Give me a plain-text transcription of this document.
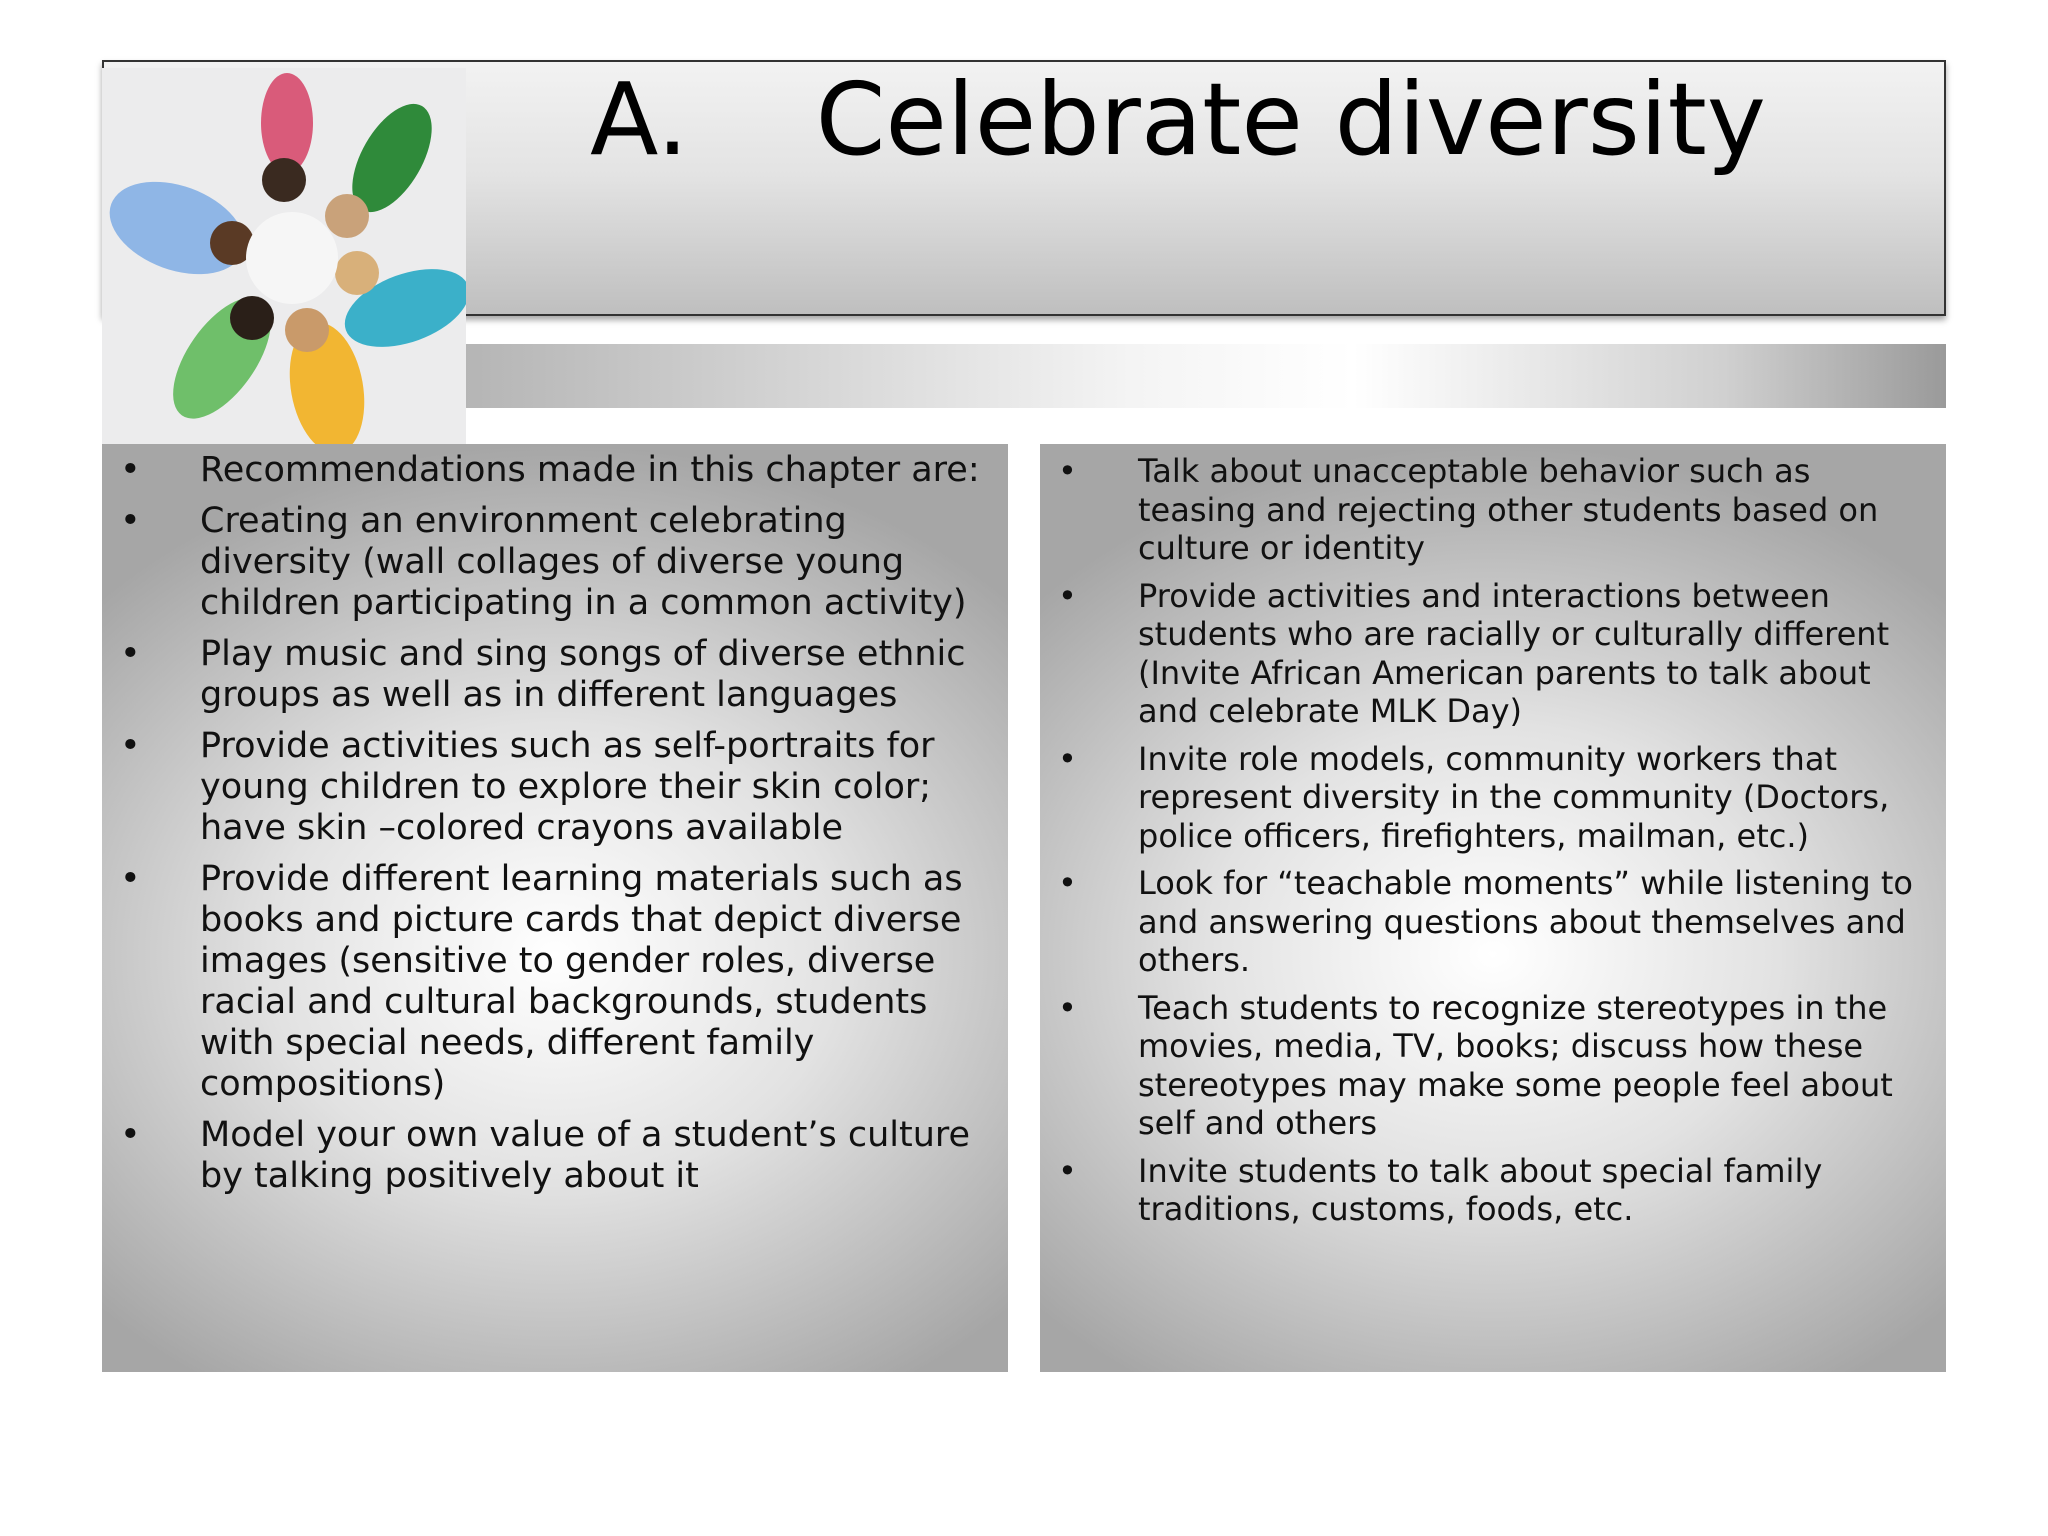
A.    Celebrate diversity
• Recommendations made in this chapter are:
• Creating an environment celebrating diversity (wall collages of diverse young children participating in a common activity)
• Play music and sing songs of diverse ethnic groups as well as in different languages
• Provide activities such as self-portraits for young children to explore their skin color; have skin –colored crayons available
• Provide different learning materials such as books and picture cards that depict diverse images (sensitive to gender roles, diverse racial and cultural backgrounds, students with special needs, different family compositions)
• Model your own value of a student’s culture by talking positively about it
• Talk about unacceptable behavior such as teasing and rejecting other students based on culture or identity
• Provide activities and interactions between students who are racially or culturally different (Invite African American parents to talk about and celebrate MLK Day)
• Invite role models, community workers that represent diversity in the community (Doctors, police officers, firefighters, mailman, etc.)
• Look for “teachable moments” while listening to and answering questions about themselves and others.
• Teach students to recognize stereotypes in the movies, media, TV, books; discuss how these stereotypes may make some people feel about self and others
• Invite students to talk about special family traditions, customs, foods, etc.
